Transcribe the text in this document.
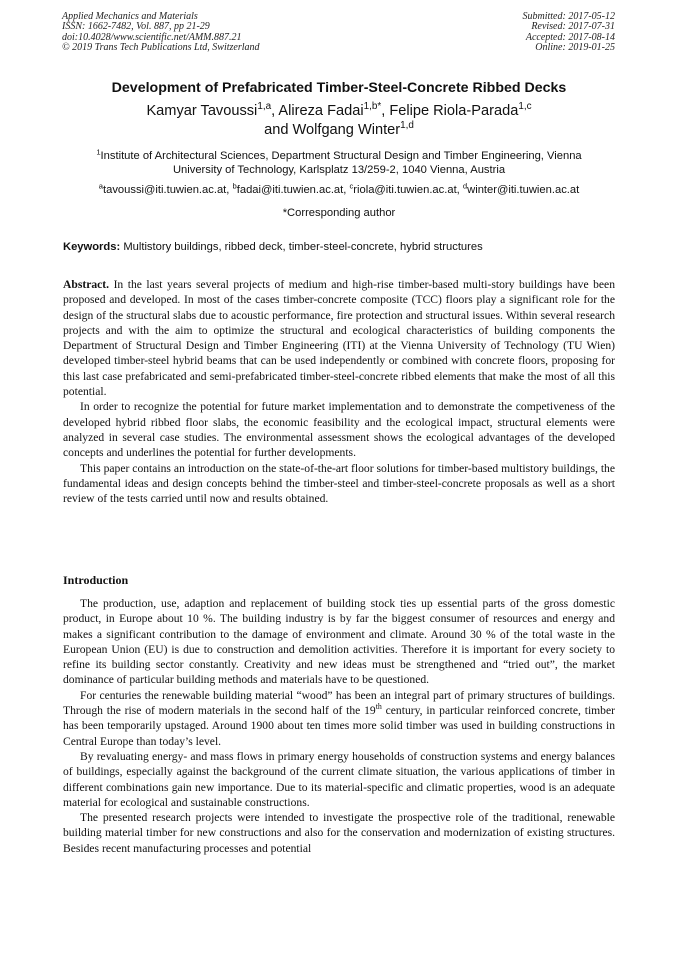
Applied Mechanics and Materials
ISSN: 1662-7482, Vol. 887, pp 21-29
doi:10.4028/www.scientific.net/AMM.887.21
© 2019 Trans Tech Publications Ltd, Switzerland
Submitted: 2017-05-12
Revised: 2017-07-31
Accepted: 2017-08-14
Online: 2019-01-25
Development of Prefabricated Timber-Steel-Concrete Ribbed Decks
Kamyar Tavoussi$^{1,a}$, Alireza Fadai$^{1,b*}$, Felipe Riola-Parada$^{1,c}$
and Wolfgang Winter$^{1,d}$
$^1$Institute of Architectural Sciences, Department Structural Design and Timber Engineering, Vienna
University of Technology, Karlsplatz 13/259-2, 1040 Vienna, Austria
$^a$tavoussi@iti.tuwien.ac.at, $^b$fadai@iti.tuwien.ac.at, $^c$riola@iti.tuwien.ac.at, $^d$winter@iti.tuwien.ac.at
*Corresponding author
Keywords: Multistory buildings, ribbed deck, timber-steel-concrete, hybrid structures

Abstract. In the last years several projects of medium and high-rise timber-based multi-story buildings have been proposed and developed. In most of the cases timber-concrete composite (TCC) floors play a significant role for the design of the structural slabs due to acoustic performance, fire protection and structural issues. Within several research projects and with the aim to optimize the structural and ecological characteristics of building components the Department of Structural Design and Timber Engineering (ITI) at the Vienna University of Technology (TU Wien) developed timber-steel hybrid beams that can be used independently or combined with concrete floors, proposing for this last case prefabricated and semi-prefabricated timber-steel-concrete ribbed elements that make the most of all this potential.

In order to recognize the potential for future market implementation and to demonstrate the competiveness of the developed hybrid ribbed floor slabs, the economic feasibility and the ecological impact, structural elements were analyzed in several case studies. The environmental assessment shows the ecological advantages of the developed concepts and underlines the potential for further developments.

This paper contains an introduction on the state-of-the-art floor solutions for timber-based multistory buildings, the fundamental ideas and design concepts behind the timber-steel and timber-steel-concrete proposals as well as a short review of the tests carried until now and results obtained.

Introduction

The production, use, adaption and replacement of building stock ties up essential parts of the gross domestic product, in Europe about 10 %. The building industry is by far the biggest consumer of resources and energy and makes a significant contribution to the damage of environment and climate. Around 30 % of the total waste in the European Union (EU) is due to construction and demolition activities. Therefore it is important for every society to refine its building sector constantly. Creativity and new ideas must be strengthened and “tried out”, the market dominance of particular building methods and materials have to be questioned.

For centuries the renewable building material “wood” has been an integral part of primary structures of buildings. Through the rise of modern materials in the second half of the 19th century, in particular reinforced concrete, timber has been temporarily upstaged. Around 1900 about ten times more solid timber was used in building constructions in Central Europe than today’s level.

By revaluating energy- and mass flows in primary energy households of construction systems and energy balances of buildings, especially against the background of the current climate situation, the various applications of timber in different combinations gain new importance. Due to its material-specific and climatic properties, wood is an adequate material for ecological and sustainable constructions.

The presented research projects were intended to investigate the prospective role of the traditional, renewable building material timber for new constructions and also for the conservation and modernization of existing structures. Besides recent manufacturing processes and potential
